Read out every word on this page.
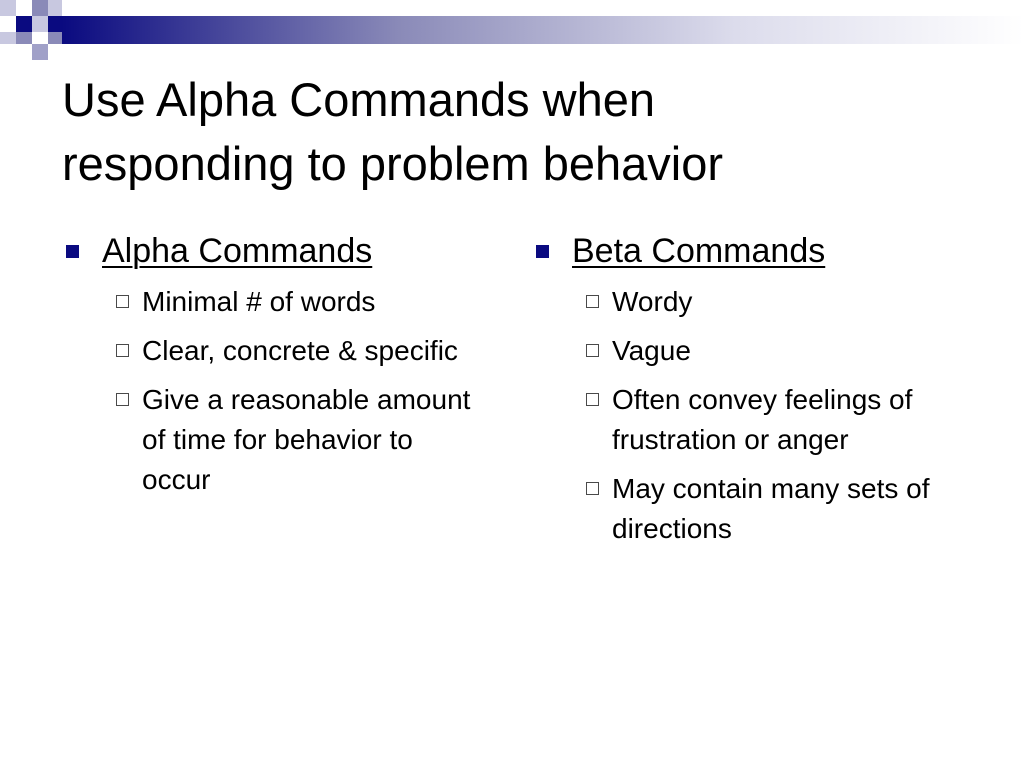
Use Alpha Commands when
responding to problem behavior
Alpha Commands
Minimal # of words
Clear, concrete & specific
Give a reasonable amount of time for behavior to occur
Beta Commands
Wordy
Vague
Often convey feelings of frustration or anger
May contain many sets of directions
